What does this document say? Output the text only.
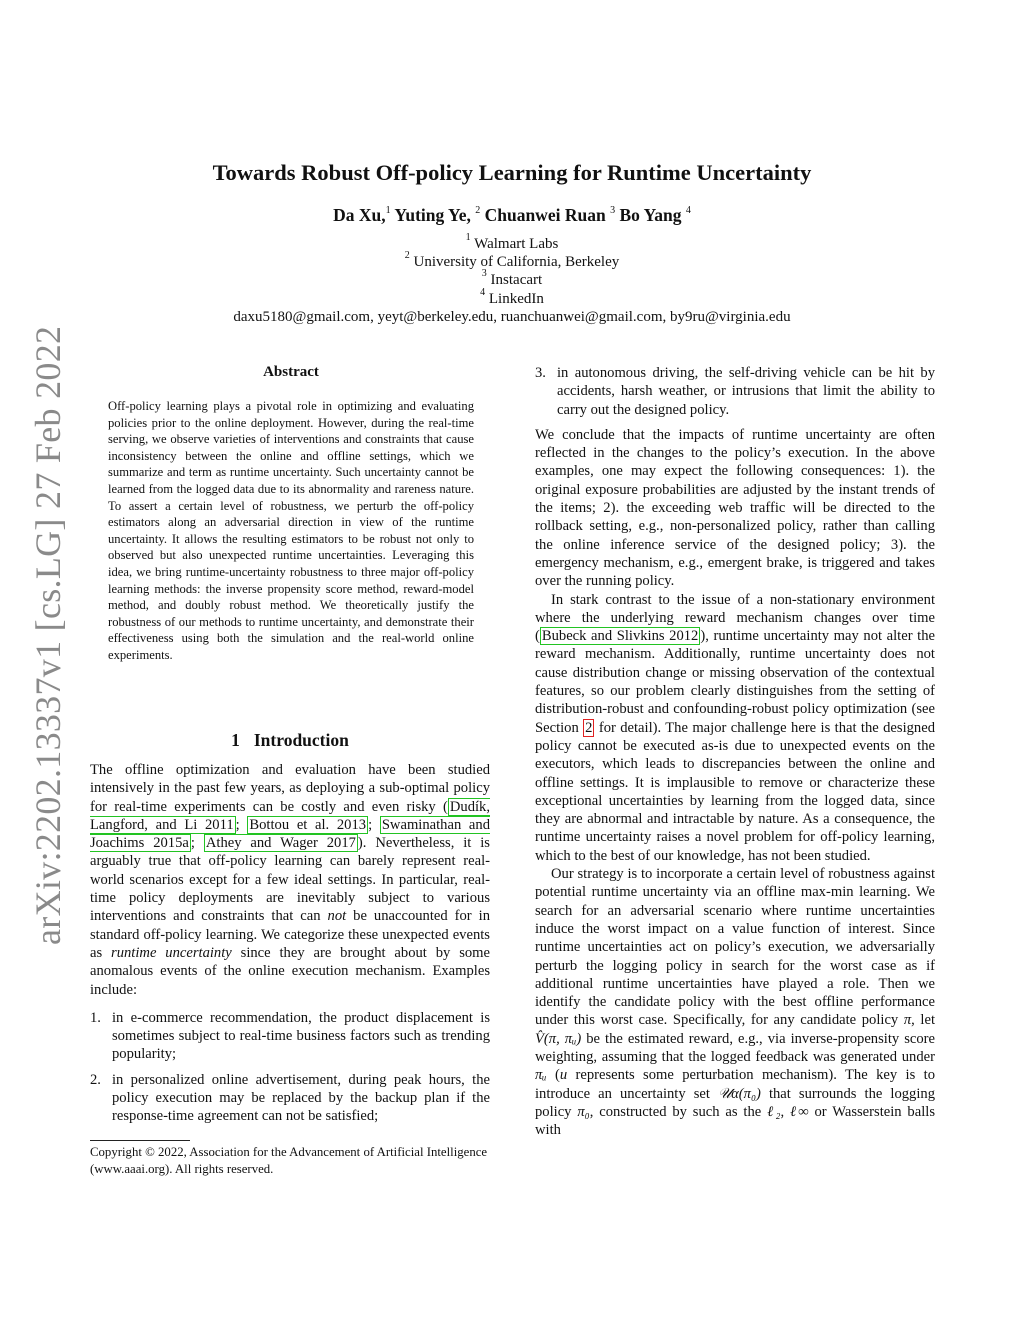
arXiv:2202.13337v1 [cs.LG] 27 Feb 2022
Towards Robust Off-policy Learning for Runtime Uncertainty
Da Xu,$^1$ Yuting Ye, $^2$ Chuanwei Ruan $^3$ Bo Yang $^4$
$^1$ Walmart Labs
$^2$ University of California, Berkeley
$^3$ Instacart
$^4$ LinkedIn
daxu5180@gmail.com, yeyt@berkeley.edu, ruanchuanwei@gmail.com, by9ru@virginia.edu
Abstract
Off-policy learning plays a pivotal role in optimizing and evaluating policies prior to the online deployment. However, during the real-time serving, we observe varieties of interventions and constraints that cause inconsistency between the online and offline settings, which we summarize and term as runtime uncertainty. Such uncertainty cannot be learned from the logged data due to its abnormality and rareness nature. To assert a certain level of robustness, we perturb the off-policy estimators along an adversarial direction in view of the runtime uncertainty. It allows the resulting estimators to be robust not only to observed but also unexpected runtime uncertainties. Leveraging this idea, we bring runtime-uncertainty robustness to three major off-policy learning methods: the inverse propensity score method, reward-model method, and doubly robust method. We theoretically justify the robustness of our methods to runtime uncertainty, and demonstrate their effectiveness using both the simulation and the real-world online experiments.
1 Introduction

The offline optimization and evaluation have been studied intensively in the past few years, as deploying a sub-optimal policy for real-time experiments can be costly and even risky ( Dudík, Langford, and Li 2011 ; Bottou et al. 2013 ; Swaminathan and Joachims 2015a ; Athey and Wager 2017 ). Nevertheless, it is arguably true that off-policy learning can barely represent real-world scenarios except for a few ideal settings. In particular, real-time policy deployments are inevitably subject to various interventions and constraints that can not be unaccounted for in standard off-policy learning. We categorize these unexpected events as runtime uncertainty since they are brought about by some anomalous events of the online execution mechanism. Examples include:

1. in e-commerce recommendation, the product displacement is sometimes subject to real-time business factors such as trending popularity;
2. in personalized online advertisement, during peak hours, the policy execution may be replaced by the backup plan if the response-time agreement can not be satisfied;
3. in autonomous driving, the self-driving vehicle can be hit by accidents, harsh weather, or intrusions that limit the ability to carry out the designed policy.

We conclude that the impacts of runtime uncertainty are often reflected in the changes to the policy’s execution. In the above examples, one may expect the following consequences: 1). the original exposure probabilities are adjusted by the instant trends of the items; 2). the exceeding web traffic will be directed to the rollback setting, e.g., non-personalized policy, rather than calling the online inference service of the designed policy; 3). the emergency mechanism, e.g., emergent brake, is triggered and takes over the running policy.

In stark contrast to the issue of a non-stationary environment where the underlying reward mechanism changes over time ( Bubeck and Slivkins 2012 ), runtime uncertainty may not alter the reward mechanism. Additionally, runtime uncertainty does not cause distribution change or missing observation of the contextual features, so our problem clearly distinguishes from the setting of distribution-robust and confounding-robust policy optimization (see Section 2 for detail). The major challenge here is that the designed policy cannot be executed as-is due to unexpected events on the executors, which leads to discrepancies between the online and offline settings. It is implausible to remove or characterize these exceptional uncertainties by learning from the logged data, since they are abnormal and intractable by nature. As a consequence, the runtime uncertainty raises a novel problem for off-policy learning, which to the best of our knowledge, has not been studied.

Our strategy is to incorporate a certain level of robustness against potential runtime uncertainty via an offline max-min learning. We search for an adversarial scenario where runtime uncertainties induce the worst impact on a value function of interest. Since runtime uncertainties act on policy’s execution, we adversarially perturb the logging policy in search for the worst case as if additional runtime uncertainties have played a role. Then we identify the candidate policy with the best offline performance under this worst case. Specifically, for any candidate policy π, let V̂(π, πᵤ) be the estimated reward, e.g., via inverse-propensity score weighting, assuming that the logged feedback was generated under πᵤ (u represents some perturbation mechanism). The key is to introduce an uncertainty set 𝒰α(π₀) that surrounds the logging policy π₀, constructed by such as the ℓ₂, ℓ∞ or Wasserstein balls with

Copyright © 2022, Association for the Advancement of Artificial Intelligence (www.aaai.org). All rights reserved.
